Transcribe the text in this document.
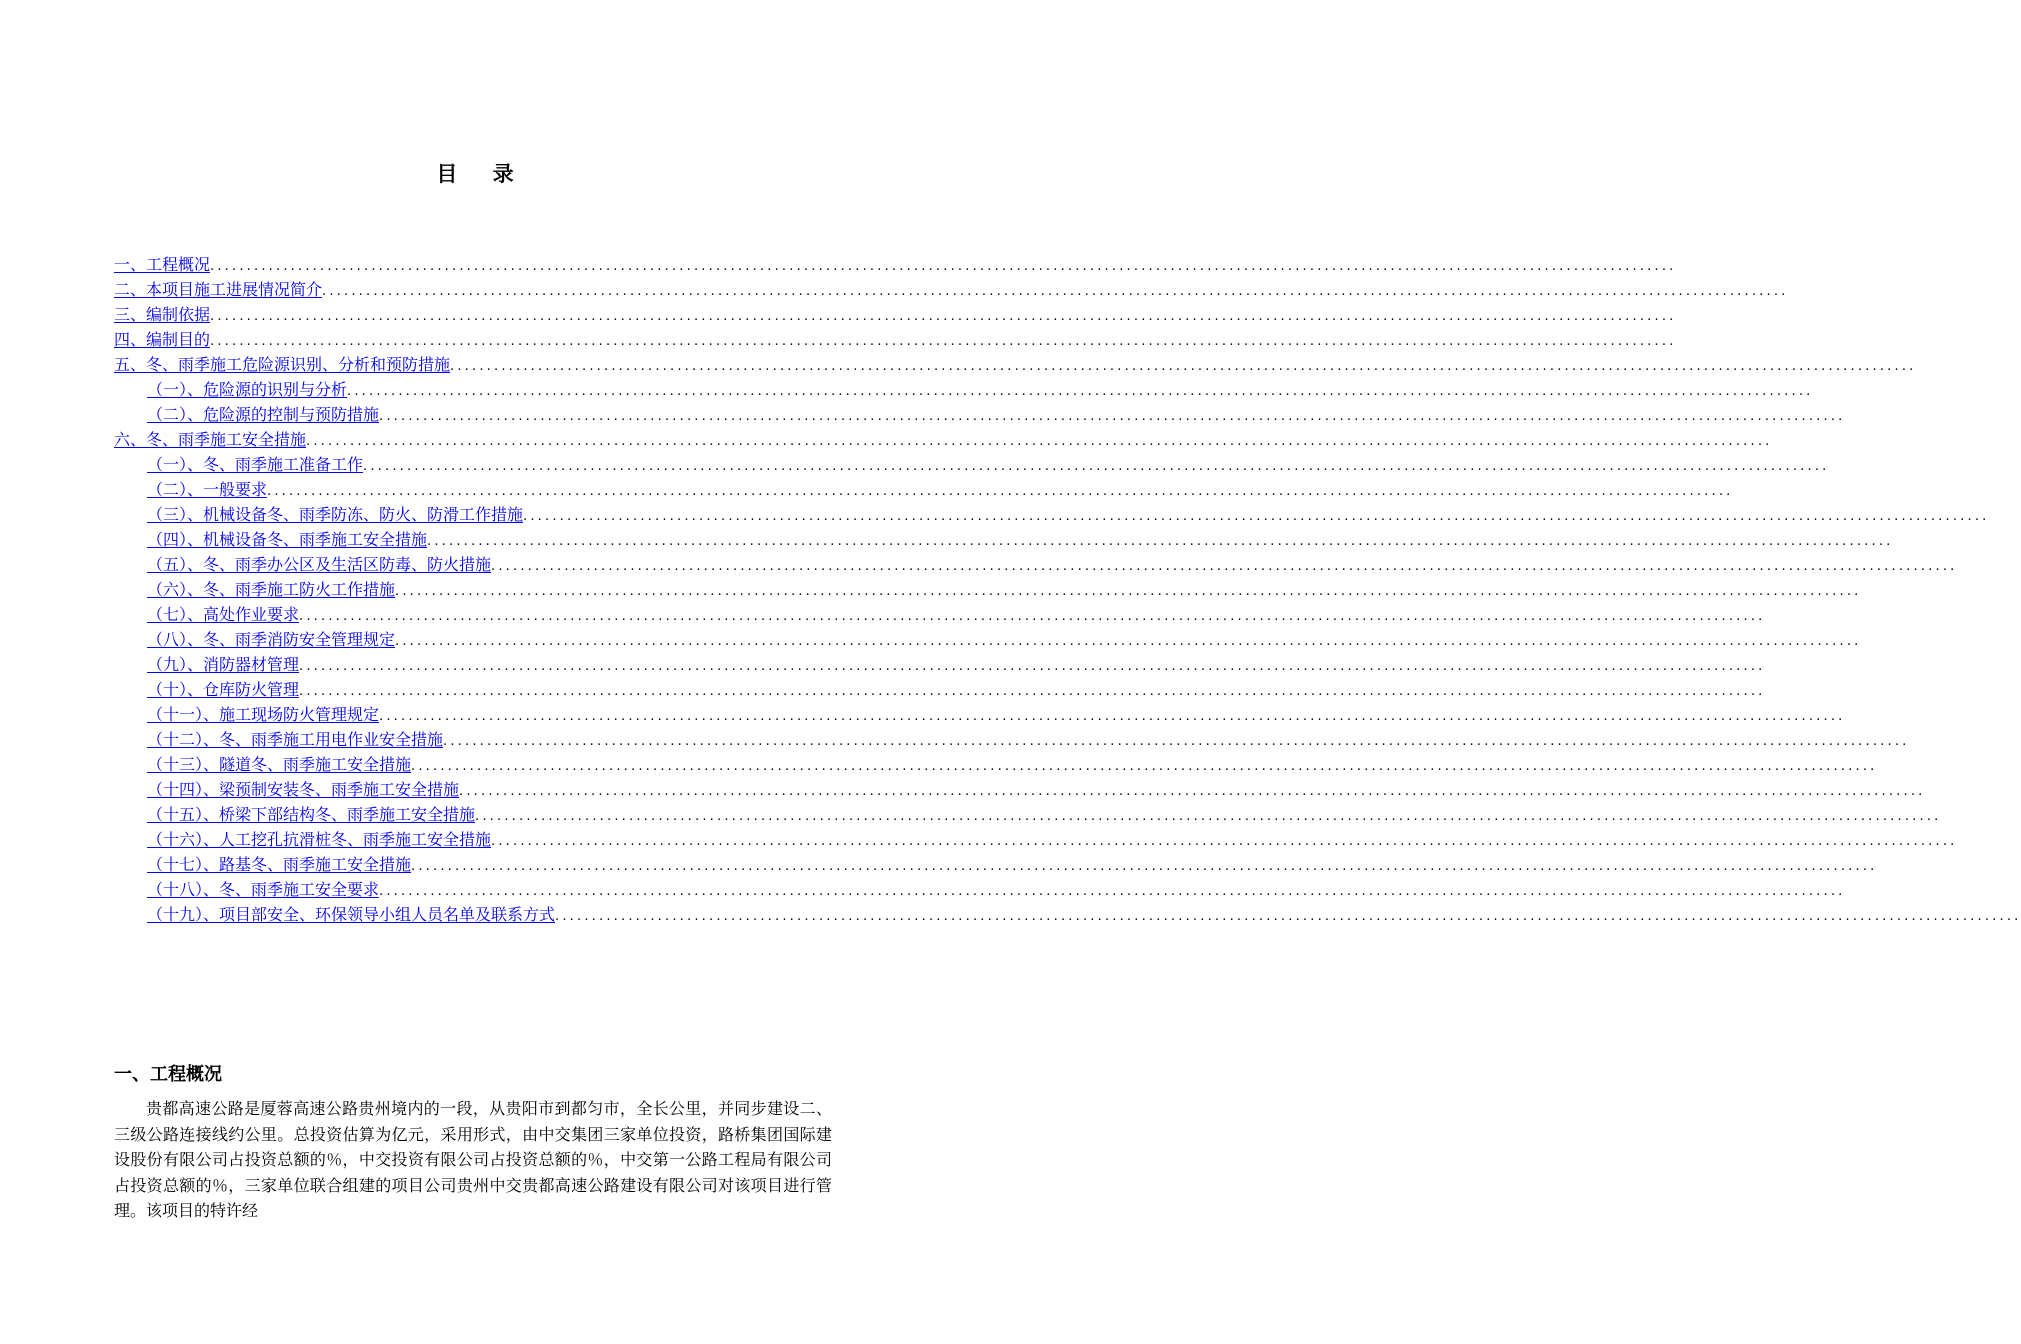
目 录
一、工程概况 ........................................................................................................................................................................................................
二、本项目施工进展情况简介 ........................................................................................................................................................................................................
三、编制依据 ........................................................................................................................................................................................................
四、编制目的 ........................................................................................................................................................................................................
五、冬、雨季施工危险源识别、分析和预防措施 ........................................................................................................................................................................................................
（一）、危险源的识别与分析 ........................................................................................................................................................................................................
（二）、危险源的控制与预防措施 ........................................................................................................................................................................................................
六、冬、雨季施工安全措施 ........................................................................................................................................................................................................
（一）、冬、雨季施工准备工作 ........................................................................................................................................................................................................
（二）、一般要求 ........................................................................................................................................................................................................
（三）、机械设备冬、雨季防冻、防火、防滑工作措施 ........................................................................................................................................................................................................
（四）、机械设备冬、雨季施工安全措施 ........................................................................................................................................................................................................
（五）、冬、雨季办公区及生活区防毒、防火措施 ........................................................................................................................................................................................................
（六）、冬、雨季施工防火工作措施 ........................................................................................................................................................................................................
（七）、高处作业要求 ........................................................................................................................................................................................................
（八）、冬、雨季消防安全管理规定 ........................................................................................................................................................................................................
（九）、消防器材管理 ........................................................................................................................................................................................................
（十）、仓库防火管理 ........................................................................................................................................................................................................
（十一）、施工现场防火管理规定 ........................................................................................................................................................................................................
（十二）、冬、雨季施工用电作业安全措施 ........................................................................................................................................................................................................
（十三）、隧道冬、雨季施工安全措施 ........................................................................................................................................................................................................
（十四）、梁预制安装冬、雨季施工安全措施 ........................................................................................................................................................................................................
（十五）、桥梁下部结构冬、雨季施工安全措施 ........................................................................................................................................................................................................
（十六）、人工挖孔抗滑桩冬、雨季施工安全措施 ........................................................................................................................................................................................................
（十七）、路基冬、雨季施工安全措施 ........................................................................................................................................................................................................
（十八）、冬、雨季施工安全要求 ........................................................................................................................................................................................................
（十九）、项目部安全、环保领导小组人员名单及联系方式 ........................................................................................................................................................................................................
一、工程概况

贵都高速公路是厦蓉高速公路贵州境内的一段，从贵阳市到都匀市，全长公里，并同步建设二、三级公路连接线约公里。总投资估算为亿元，采用形式，由中交集团三家单位投资，路桥集团国际建设股份有限公司占投资总额的％，中交投资有限公司占投资总额的％，中交第一公路工程局有限公司占投资总额的％，三家单位联合组建的项目公司贵州中交贵都高速公路建设有限公司对该项目进行管理。该项目的特许经
